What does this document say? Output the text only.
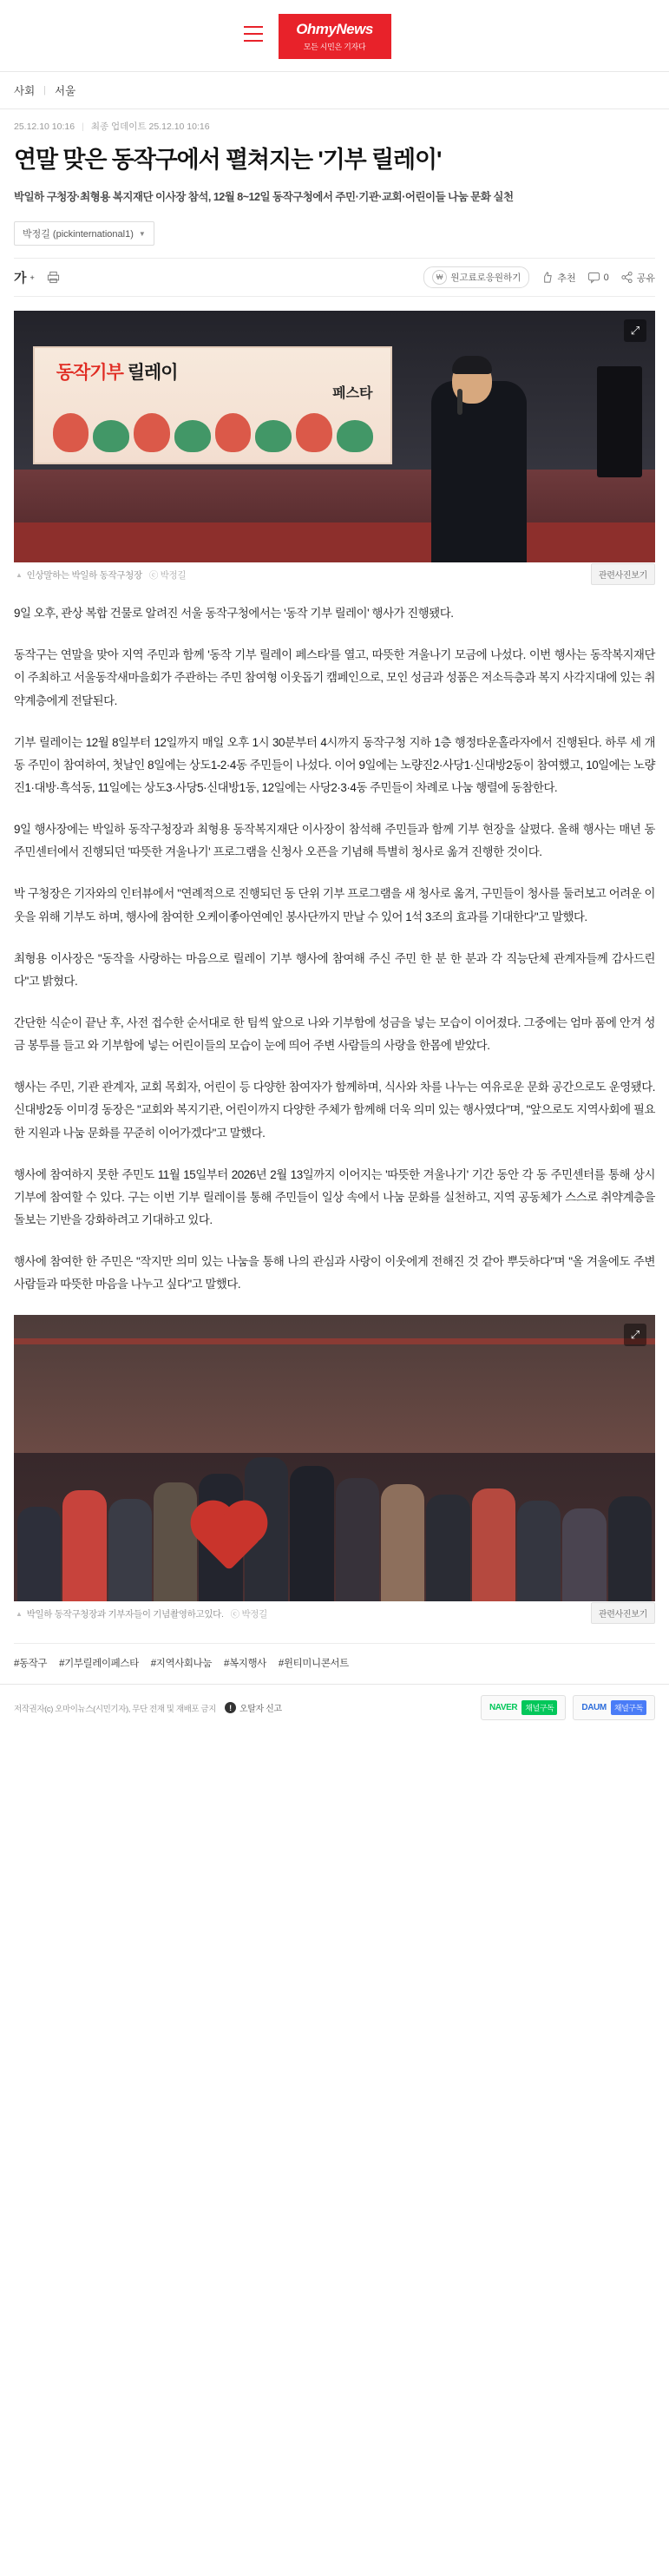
OhmyNews
모든 시민은 기자다
사회 | 서울
25.12.10 10:16 | 최종 업데이트 25.12.10 10:16
연말 맞은 동작구에서 펼쳐지는 '기부 릴레이'

박일하 구청장·최형용 복지재단 이사장 참석, 12월 8~12일 동작구청에서 주민·기관·교회·어린이들 나눔 문화 실천

박정길 (pickinternational1) ▼
가 +	₩ 원고료로응원하기	추천	0	공유
동작기부 릴레이
페스타
⤢
▲ 인상말하는 박일하 동작구청장 ⓒ 박정길	관련사진보기

9일 오후, 관상 복합 건물로 알려진 서울 동작구청에서는 '동작 기부 릴레이' 행사가 진행됐다.

동작구는 연말을 맞아 지역 주민과 함께 '동작 기부 릴레이 페스타'를 열고, 따뜻한 겨울나기 모금에 나섰다. 이번 행사는 동작복지재단이 주최하고 서울동작새마을회가 주관하는 주민 참여형 이웃돕기 캠페인으로, 모인 성금과 성품은 저소득층과 복지 사각지대에 있는 취약계층에게 전달된다.

기부 릴레이는 12월 8일부터 12일까지 매일 오후 1시 30분부터 4시까지 동작구청 지하 1층 행정타운홀라자에서 진행된다. 하루 세 개 동 주민이 참여하여, 첫날인 8일에는 상도1-2·4동 주민들이 나섰다. 이어 9일에는 노량진2·사당1·신대방2동이 참여했고, 10일에는 노량진1·대방·흑석동, 11일에는 상도3·사당5·신대방1동, 12일에는 사당2·3·4동 주민들이 차례로 나눔 행렬에 동참한다.

9일 행사장에는 박일하 동작구청장과 최형용 동작복지재단 이사장이 참석해 주민들과 함께 기부 현장을 살폈다. 올해 행사는 매년 동 주민센터에서 진행되던 '따뜻한 겨울나기' 프로그램을 신청사 오픈을 기념해 특별히 청사로 옮겨 진행한 것이다.

박 구청장은 기자와의 인터뷰에서 "연례적으로 진행되던 동 단위 기부 프로그램을 새 청사로 옮겨, 구민들이 청사를 둘러보고 어려운 이웃을 위해 기부도 하며, 행사에 참여한 오케이좋아연예인 봉사단까지 만날 수 있어 1석 3조의 효과를 기대한다"고 말했다.

최형용 이사장은 "동작을 사랑하는 마음으로 릴레이 기부 행사에 참여해 주신 주민 한 분 한 분과 각 직능단체 관계자들께 감사드린다"고 밝혔다.

간단한 식순이 끝난 후, 사전 접수한 순서대로 한 팀씩 앞으로 나와 기부함에 성금을 넣는 모습이 이어졌다. 그중에는 엄마 품에 안겨 성금 봉투를 들고 와 기부함에 넣는 어린이들의 모습이 눈에 띄어 주변 사람들의 사랑을 한몸에 받았다.

행사는 주민, 기관 관계자, 교회 목회자, 어린이 등 다양한 참여자가 함께하며, 식사와 차를 나누는 여유로운 문화 공간으로도 운영됐다. 신대방2동 이미경 동장은 "교회와 복지기관, 어린이까지 다양한 주체가 함께해 더욱 의미 있는 행사였다"며, "앞으로도 지역사회에 필요한 지원과 나눔 문화를 꾸준히 이어가겠다"고 말했다.

행사에 참여하지 못한 주민도 11월 15일부터 2026년 2월 13일까지 이어지는 '따뜻한 겨울나기' 기간 동안 각 동 주민센터를 통해 상시 기부에 참여할 수 있다. 구는 이번 기부 릴레이를 통해 주민들이 일상 속에서 나눔 문화를 실천하고, 지역 공동체가 스스로 취약계층을 돌보는 기반을 강화하려고 기대하고 있다.

행사에 참여한 한 주민은 "작지만 의미 있는 나눔을 통해 나의 관심과 사랑이 이웃에게 전해진 것 같아 뿌듯하다"며 "올 겨울에도 주변 사람들과 따뜻한 마음을 나누고 싶다"고 말했다.

⤢
▲ 박일하 동작구청장과 기부자들이 기념촬영하고있다. ⓒ 박정길	관련사진보기
#동작구 #기부릴레이페스타 #지역사회나눔 #복지행사 #윈티미니콘서트
저작권자(c) 오마이뉴스(시민기자), 무단 전재 및 재배포 금지	! 오탈자 신고	NAVER	채널구독	DAUM	채널구독
